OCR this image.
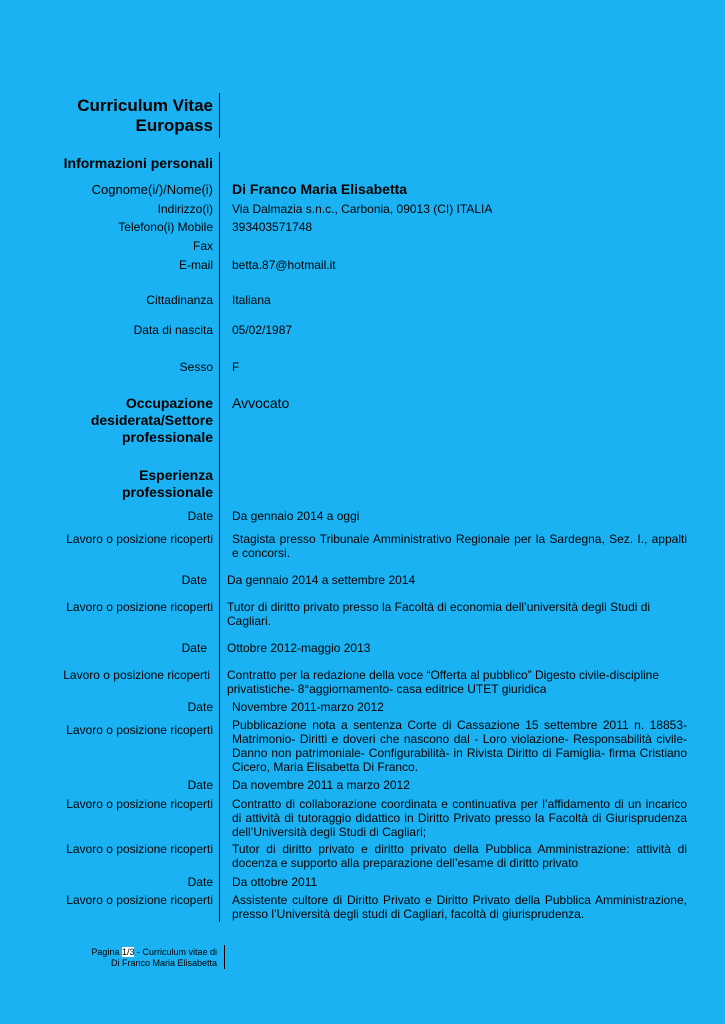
Curriculum Vitae
Europass
Informazioni personali
Cognome(i/)/Nome(i) Di Franco Maria Elisabetta
Indirizzo(i) Via Dalmazia s.n.c., Carbonia, 09013 (CI) ITALIA
Telefono(i) Mobile 393403571748
Fax
E-mail betta.87@hotmail.it
Cittadinanza Italiana
Data di nascita 05/02/1987
Sesso F
Occupazione
desiderata/Settore
professionale
Avvocato
Esperienza
professionale
Date Da gennaio 2014 a oggi
Lavoro o posizione ricoperti Stagista presso Tribunale Amministrativo Regionale per la Sardegna, Sez. I., appalti e concorsi.
Date Da gennaio 2014 a settembre 2014
Lavoro o posizione ricoperti Tutor di diritto privato presso la Facoltà di economia dell’università degli Studi di Cagliari.
Date Ottobre 2012-maggio 2013
Lavoro o posizione ricoperti Contratto per la redazione della voce “Offerta al pubblico” Digesto civile-discipline privatistiche- 8°aggiornamento- casa editrice UTET giuridica
Date Novembre 2011-marzo 2012
Lavoro o posizione ricoperti Pubblicazione nota a sentenza Corte di Cassazione 15 settembre 2011 n. 18853- Matrimonio- Diritti e doveri che nascono dal - Loro violazione- Responsabilità civile- Danno non patrimoniale- Configurabilità- in Rivista Diritto di Famiglia- firma Cristiano Cicero, Maria Elisabetta Di Franco.
Date Da novembre 2011 a marzo 2012
Lavoro o posizione ricoperti Contratto di collaborazione coordinata e continuativa per l’affidamento di un incarico di attività di tutoraggio didattico in Diritto Privato presso la Facoltà di Giurisprudenza dell’Università degli Studi di Cagliari;
Lavoro o posizione ricoperti Tutor di diritto privato e diritto privato della Pubblica Amministrazione: attività di docenza e supporto alla preparazione dell’esame di diritto privato
Date Da ottobre 2011
Lavoro o posizione ricoperti Assistente cultore di Diritto Privato e Diritto Privato della Pubblica Amministrazione, presso l’Università degli studi di Cagliari, facoltà di giurisprudenza.
Pagina 1/3 - Curriculum vitae di
Di Franco Maria Elisabetta
